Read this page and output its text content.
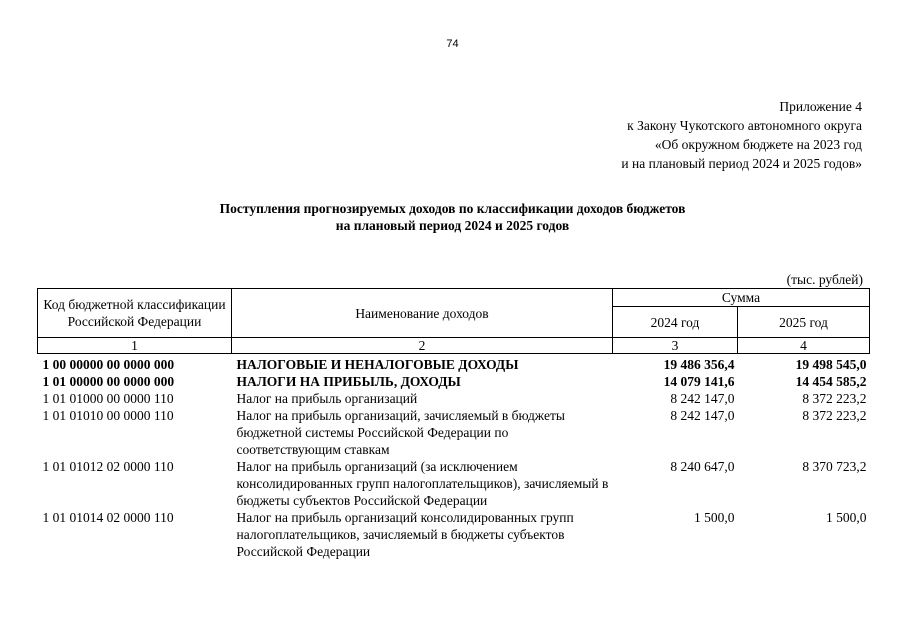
74
Приложение 4
к Закону Чукотского автономного округа
«Об окружном бюджете на 2023 год
и на плановый период 2024 и 2025 годов»
Поступления прогнозируемых доходов по классификации доходов бюджетов
на плановый период 2024 и 2025 годов
(тыс. рублей)
Код бюджетной классификации Российской Федерации	Наименование доходов	Сумма	
		2024 год	2025 год
1	2	3	4
1 00 00000 00 0000 000	НАЛОГОВЫЕ И НЕНАЛОГОВЫЕ ДОХОДЫ	19 486 356,4	19 498 545,0
1 01 00000 00 0000 000	НАЛОГИ НА ПРИБЫЛЬ, ДОХОДЫ	14 079 141,6	14 454 585,2
1 01 01000 00 0000 110	Налог на прибыль организаций	8 242 147,0	8 372 223,2
1 01 01010 00 0000 110	Налог на прибыль организаций, зачисляемый в бюджеты бюджетной системы Российской Федерации по соответствующим ставкам	8 242 147,0	8 372 223,2
1 01 01012 02 0000 110	Налог на прибыль организаций (за исключением консолидированных групп налогоплательщиков), зачисляемый в бюджеты субъектов Российской Федерации	8 240 647,0	8 370 723,2
1 01 01014 02 0000 110	Налог на прибыль организаций консолидированных групп налогоплательщиков, зачисляемый в бюджеты субъектов Российской Федерации	1 500,0	1 500,0
